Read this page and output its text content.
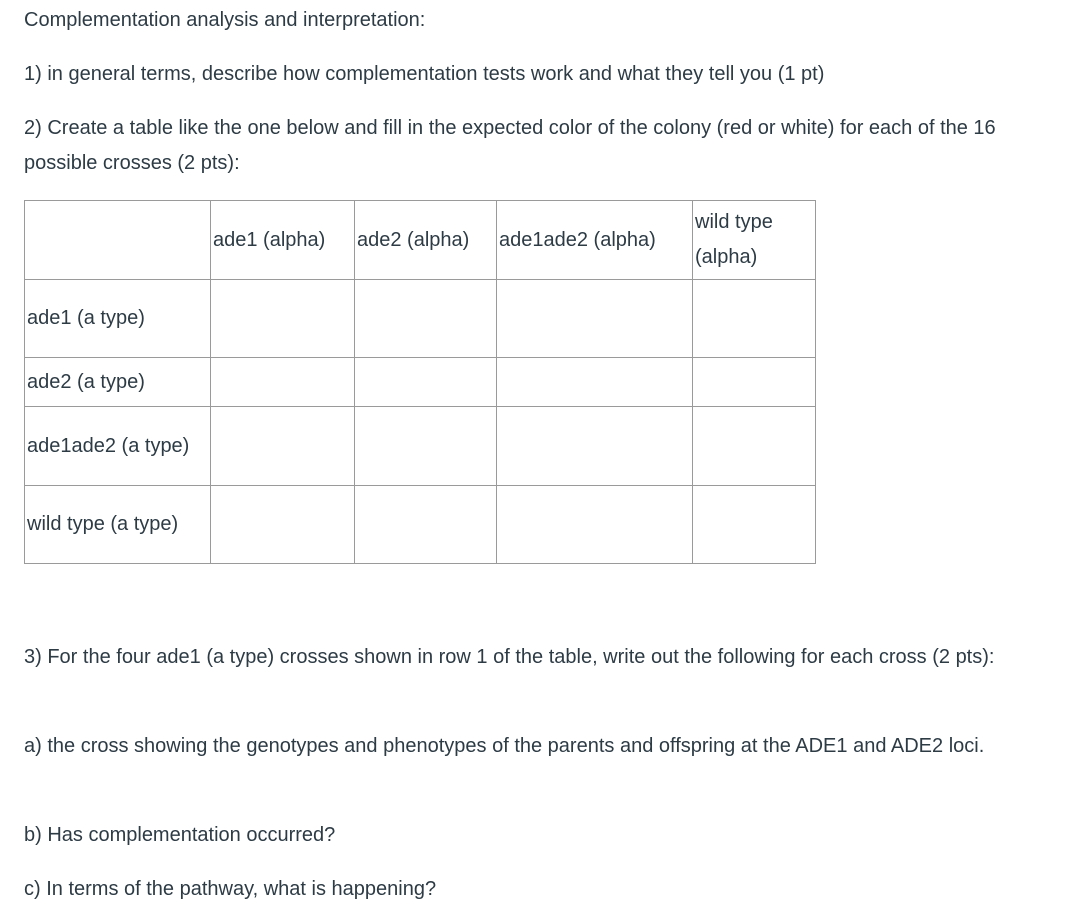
Complementation analysis and interpretation:

1) in general terms, describe how complementation tests work and what they tell you (1 pt)

2) Create a table like the one below and fill in the expected color of the colony (red or white) for each of the 16 possible crosses (2 pts):

	ade1 (alpha)	ade2 (alpha)	ade1ade2 (alpha)	wild type (alpha)
ade1 (a type)				
ade2 (a type)				
ade1ade2 (a type)				
wild type (a type)				

3) For the four ade1 (a type) crosses shown in row 1 of the table, write out the following for each cross (2 pts):

a) the cross showing the genotypes and phenotypes of the parents and offspring at the ADE1 and ADE2 loci.

b) Has complementation occurred?

c) In terms of the pathway, what is happening?
